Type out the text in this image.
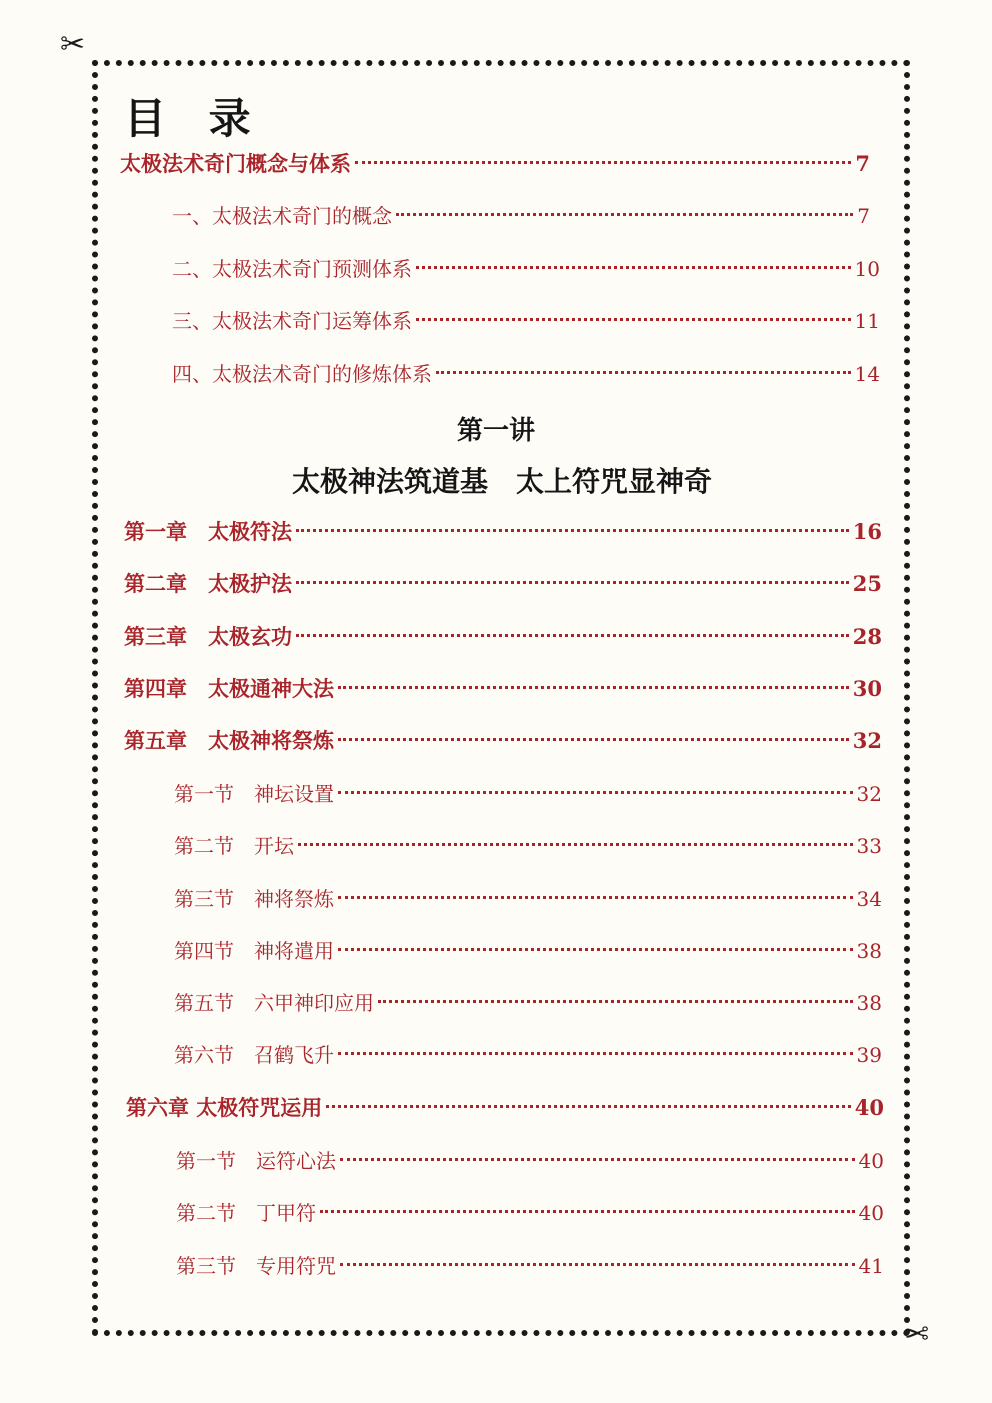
✂
✂
目 录
太极法术奇门概念与体系	7
一、太极法术奇门的概念	7
二、太极法术奇门预测体系	10
三、太极法术奇门运筹体系	11
四、太极法术奇门的修炼体系	14
第一讲
太极神法筑道基　太上符咒显神奇
第一章　太极符法	16
第二章　太极护法	25
第三章　太极玄功	28
第四章　太极通神大法	30
第五章　太极神将祭炼	32
第一节　神坛设置	32
第二节　开坛	33
第三节　神将祭炼	34
第四节　神将遣用	38
第五节　六甲神印应用	38
第六节　召鹤飞升	39
第六章 太极符咒运用	40
第一节　运符心法	40
第二节　丁甲符	40
第三节　专用符咒	41
